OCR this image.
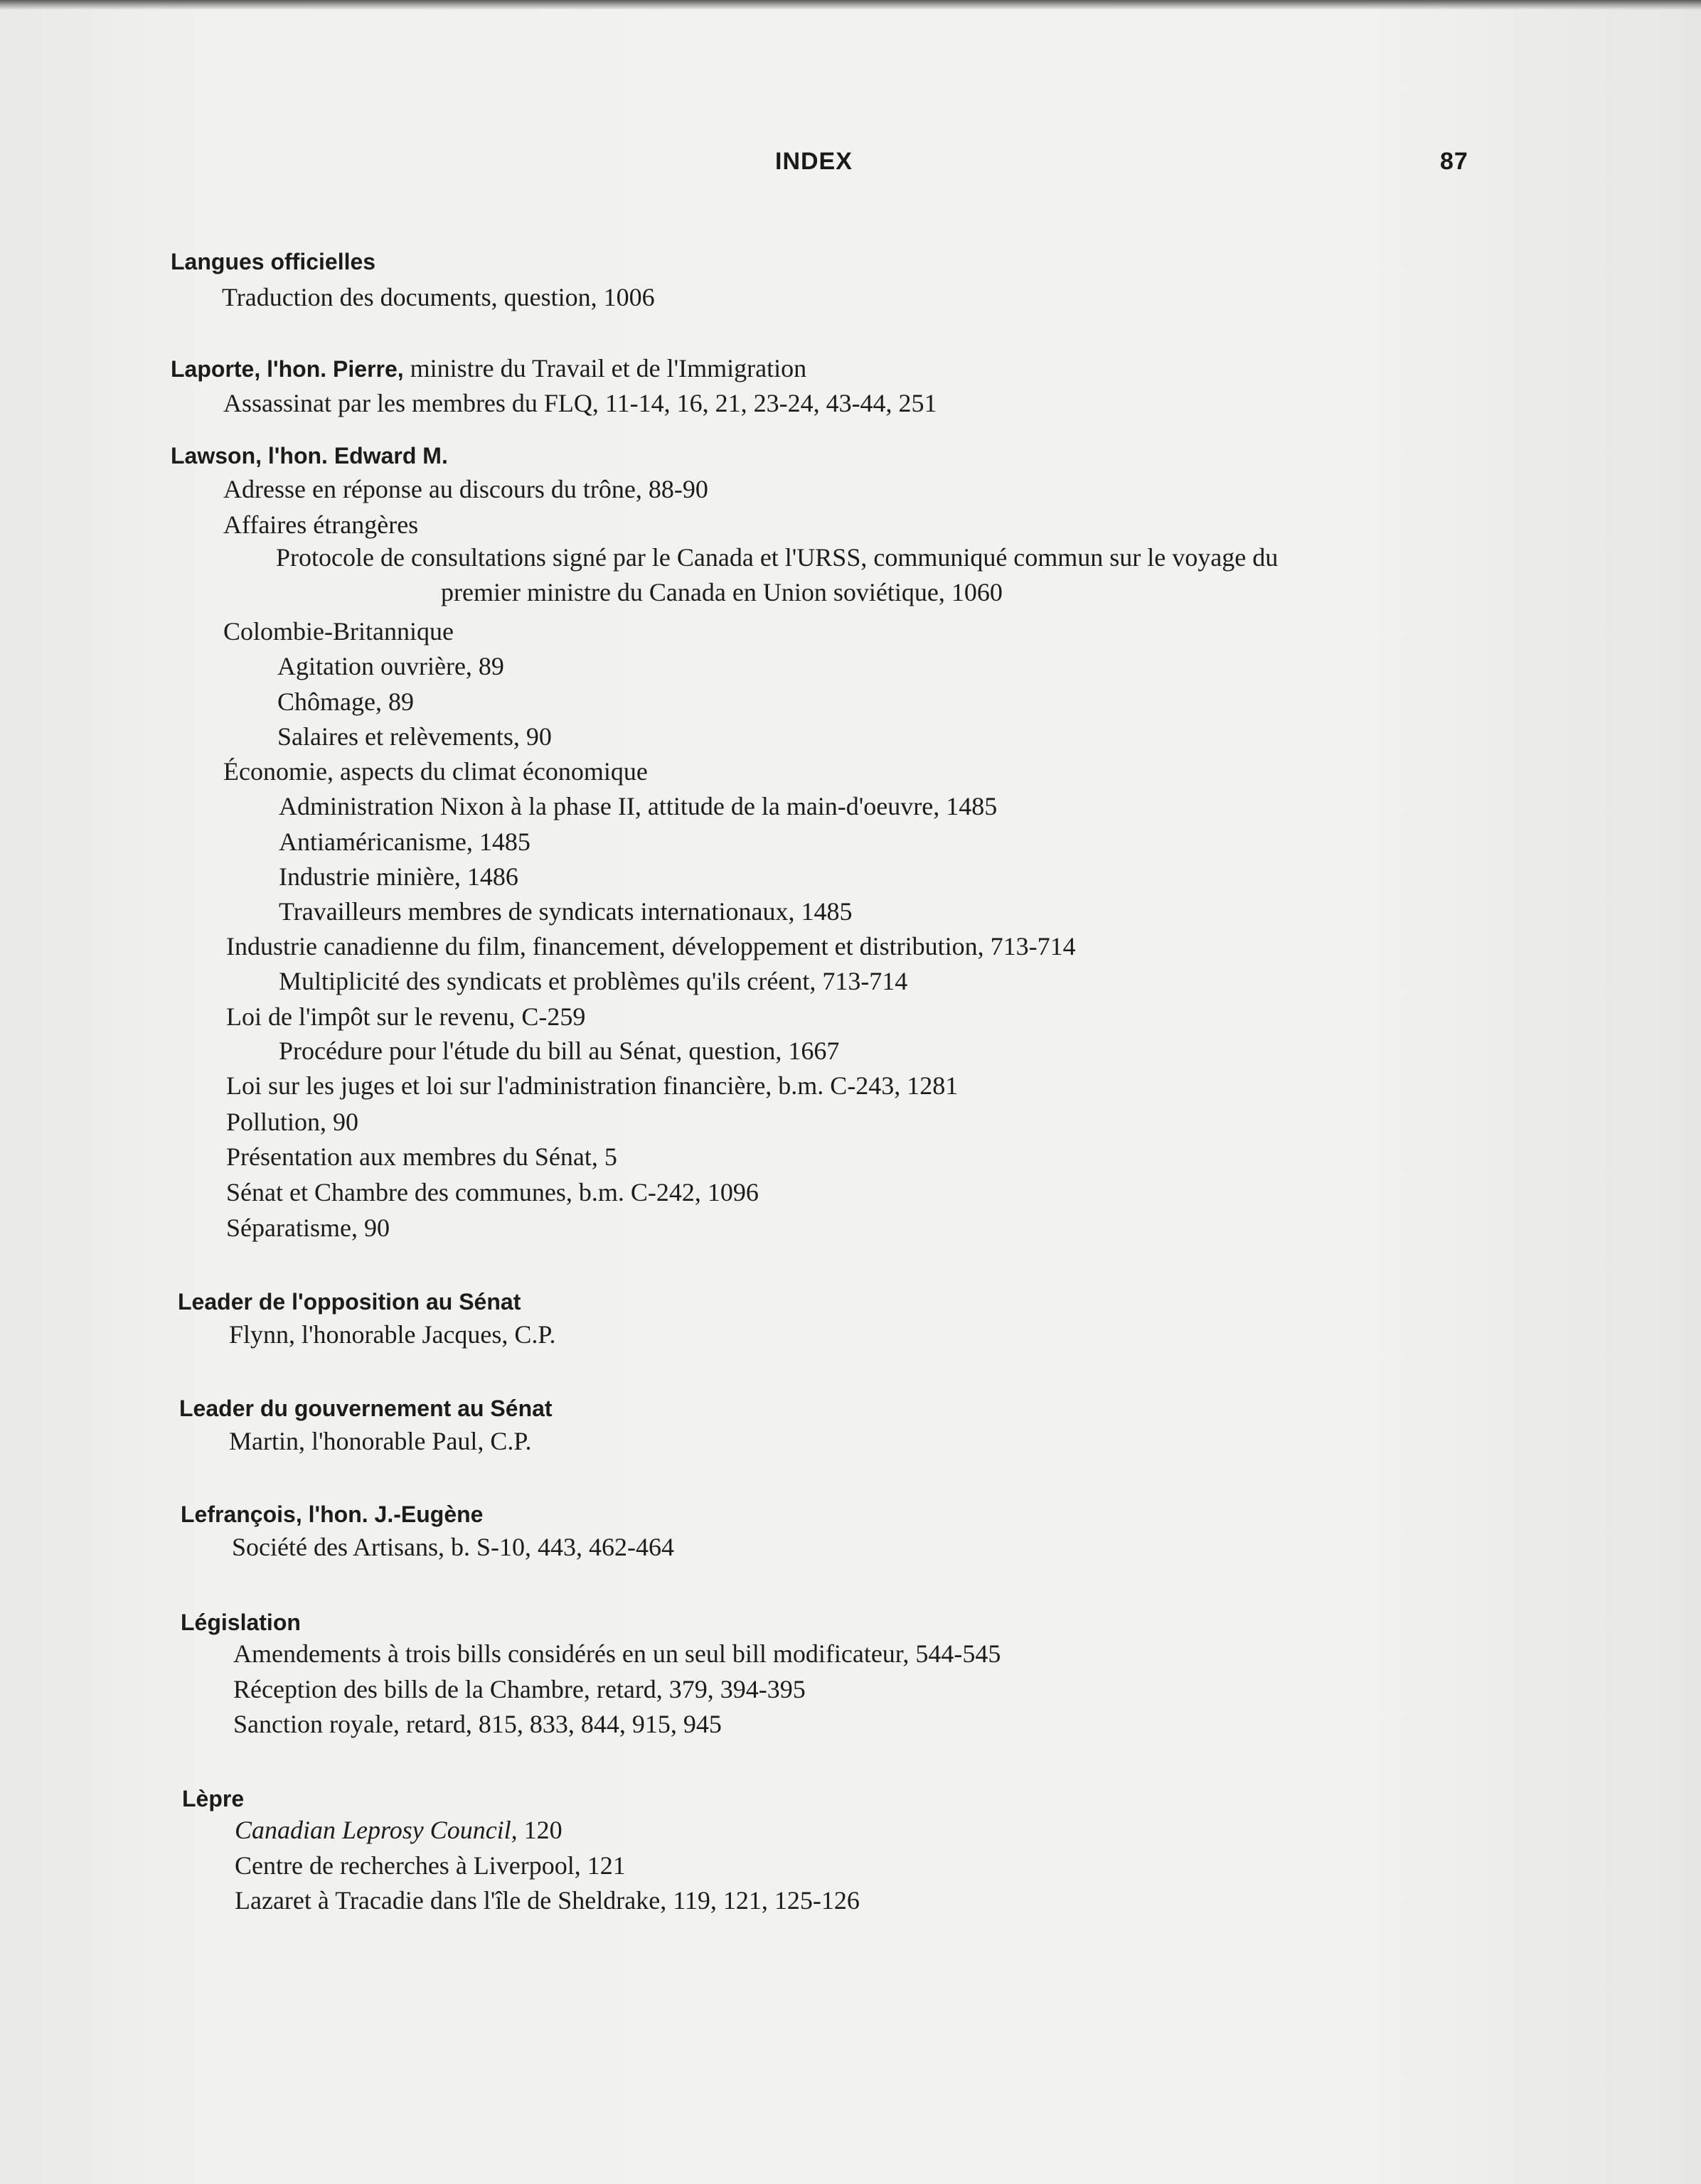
INDEX	87
Langues officielles
Traduction des documents, question, 1006
Laporte, l'hon. Pierre, ministre du Travail et de l'Immigration
Assassinat par les membres du FLQ, 11-14, 16, 21, 23-24, 43-44, 251
Lawson, l'hon. Edward M.
Adresse en réponse au discours du trône, 88-90
Affaires étrangères
Protocole de consultations signé par le Canada et l'URSS, communiqué commun sur le voyage du
premier ministre du Canada en Union soviétique, 1060
Colombie-Britannique
Agitation ouvrière, 89
Chômage, 89
Salaires et relèvements, 90
Économie, aspects du climat économique
Administration Nixon à la phase II, attitude de la main-d'oeuvre, 1485
Antiaméricanisme, 1485
Industrie minière, 1486
Travailleurs membres de syndicats internationaux, 1485
Industrie canadienne du film, financement, développement et distribution, 713-714
Multiplicité des syndicats et problèmes qu'ils créent, 713-714
Loi de l'impôt sur le revenu, C-259
Procédure pour l'étude du bill au Sénat, question, 1667
Loi sur les juges et loi sur l'administration financière, b.m. C-243, 1281
Pollution, 90
Présentation aux membres du Sénat, 5
Sénat et Chambre des communes, b.m. C-242, 1096
Séparatisme, 90
Leader de l'opposition au Sénat
Flynn, l'honorable Jacques, C.P.
Leader du gouvernement au Sénat
Martin, l'honorable Paul, C.P.
Lefrançois, l'hon. J.-Eugène
Société des Artisans, b. S-10, 443, 462-464
Législation
Amendements à trois bills considérés en un seul bill modificateur, 544-545
Réception des bills de la Chambre, retard, 379, 394-395
Sanction royale, retard, 815, 833, 844, 915, 945
Lèpre
Canadian Leprosy Council, 120
Centre de recherches à Liverpool, 121
Lazaret à Tracadie dans l'île de Sheldrake, 119, 121, 125-126
